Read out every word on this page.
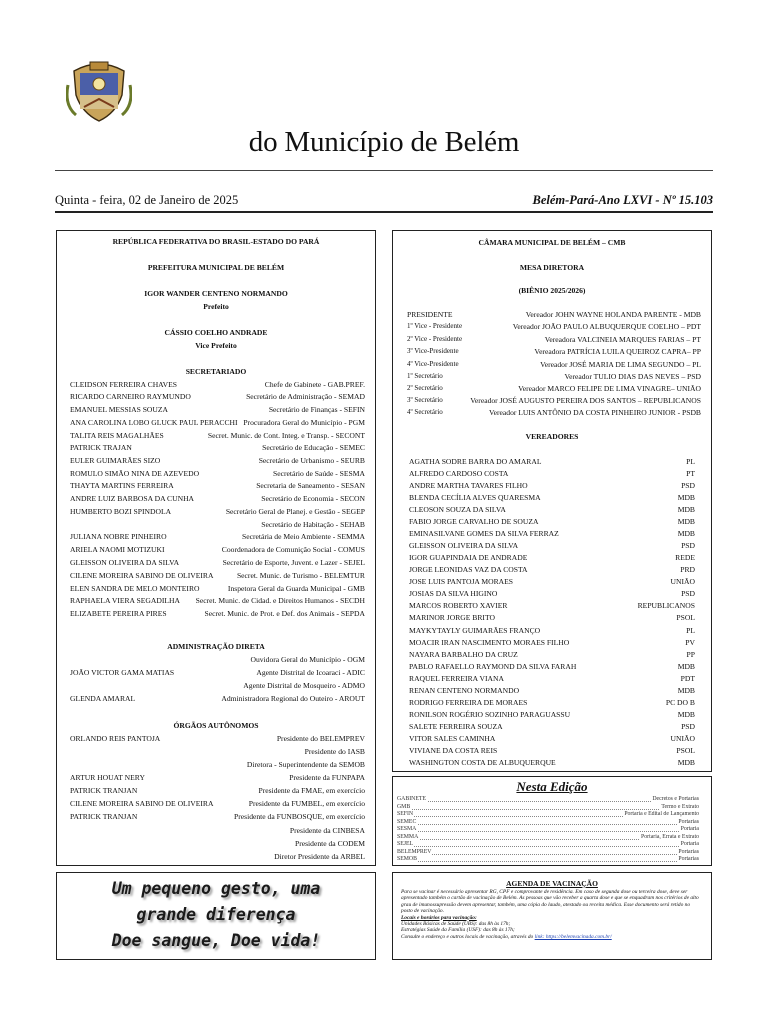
do Município de Belém
Quinta - feira, 02 de Janeiro de 2025	Belém-Pará-Ano LXVI - Nº 15.103
REPÚBLICA FEDERATIVA DO BRASIL-ESTADO DO PARÁ
PREFEITURA MUNICIPAL DE BELÉM
IGOR WANDER CENTENO NORMANDO
Prefeito
CÁSSIO COELHO ANDRADE
Vice Prefeito
SECRETARIADO
CLEIDSON FERREIRA CHAVES	Chefe de Gabinete - GAB.PREF.
RICARDO CARNEIRO RAYMUNDO	Secretário de Administração - SEMAD
EMANUEL MESSIAS SOUZA	Secretário de Finanças - SEFIN
ANA CAROLINA LOBO GLUCK PAUL PERACCHI Procuradora Geral do Município - PGM
TALITA REIS MAGALHÃES	Secret. Munic. de Cont. Integ. e Transp. - SECONT
PATRICK TRAJAN	Secretário de Educação - SEMEC
EULER GUIMARÃES SIZO	Secretário de Urbanismo - SEURB
ROMULO SIMÃO NINA DE AZEVEDO	Secretário de Saúde - SESMA
THAYTA MARTINS FERREIRA	Secretaria de Saneamento - SESAN
ANDRE LUIZ BARBOSA DA CUNHA	Secretário de Economia - SECON
HUMBERTO BOZI SPINDOLA	Secretário Geral de Planej. e Gestão - SEGEP
Secretário de Habitação - SEHAB
JULIANA NOBRE PINHEIRO	Secretária de Meio Ambiente - SEMMA
ARIELA NAOMI MOTIZUKI	Coordenadora de Comunição Social - COMUS
GLEISSON OLIVEIRA DA SILVA	Secretário de Esporte, Juvent. e Lazer - SEJEL
CILENE MOREIRA SABINO DE OLIVEIRA	Secret. Munic. de Turismo - BELEMTUR
ELEN SANDRA DE MELO MONTEIRO	Inspetora Geral da Guarda Municipal - GMB
RAPHAELA VIERA SEGADILHA Secret. Munic. de Cidad. e Direitos Humanos - SECDH
ELIZABETE PEREIRA PIRES	Secret. Munic. de Prot. e Def. dos Animais - SEPDA
ADMINISTRAÇÃO DIRETA
Ouvidora Geral do Município - OGM
JOÃO VICTOR GAMA MATIAS	Agente Distrital de Icoaraci - ADIC
Agente Distrital de Mosqueiro - ADMO
GLENDA AMARAL	Administradora Regional do Outeiro - AROUT
ÓRGÃOS AUTÔNOMOS
ORLANDO REIS PANTOJA	Presidente do BELEMPREV
Presidente do IASB
Diretora - Superintendente da SEMOB
ARTUR HOUAT NERY	Presidente da FUNPAPA
PATRICK TRANJAN	Presidente da FMAE, em exercício
CILENE MOREIRA SABINO DE OLIVEIRA	Presidente da FUMBEL, em exercício
PATRICK TRANJAN	Presidente da FUNBOSQUE, em exercício
Presidente da CINBESA
Presidente da CODEM
Diretor Presidente da ARBEL
CÂMARA MUNICIPAL DE BELÉM – CMB
MESA DIRETORA
(BIÊNIO 2025/2026)
PRESIDENTE	Vereador JOHN WAYNE HOLANDA PARENTE - MDB
1º Vice - Presidente	Vereador JOÃO PAULO ALBUQUERQUE COELHO – PDT
2º Vice - Presidente	Vereadora VALCINEIA MARQUES FARIAS – PT
3º Vice-Presidente	Vereadora PATRÍCIA LUILA QUEIROZ CAPRA– PP
4º Vice-Presidente	Vereador JOSÉ MARIA DE LIMA SEGUNDO – PL
1º Secretário	Vereador TULIO DIAS DAS NEVES – PSD
2º Secretário	Vereador MARCO FELIPE DE LIMA VINAGRE– UNIÃO
3º Secretário	Vereador JOSÉ AUGUSTO PEREIRA DOS SANTOS – REPUBLICANOS
4º Secretário	Vereador LUIS ANTÔNIO DA COSTA PINHEIRO JUNIOR - PSDB
VEREADORES
AGATHA SODRE BARRA DO AMARAL	PL
ALFREDO CARDOSO COSTA	PT
ANDRE MARTHA TAVARES FILHO	PSD
BLENDA CECÍLIA ALVES QUARESMA	MDB
CLEOSON SOUZA DA SILVA	MDB
FABIO JORGE CARVALHO DE SOUZA	MDB
EMINASILVANE GOMES DA SILVA FERRAZ	MDB
GLEISSON OLIVEIRA DA SILVA	PSD
IGOR GUAPINDAIA DE ANDRADE	REDE
JORGE LEONIDAS VAZ DA COSTA	PRD
JOSE LUIS PANTOJA MORAES	UNIÃO
JOSIAS DA SILVA HIGINO	PSD
MARCOS ROBERTO XAVIER	REPUBLICANOS
MARINOR JORGE BRITO	PSOL
MAYKYTAYLY GUIMARÃES FRANÇO	PL
MOACIR IRAN NASCIMENTO MORAES FILHO	PV
NAYARA BARBALHO DA CRUZ	PP
PABLO RAFAELLO RAYMOND DA SILVA FARAH	MDB
RAQUEL FERREIRA VIANA	PDT
RENAN CENTENO NORMANDO	MDB
RODRIGO FERREIRA DE MORAES	PC DO B
RONILSON ROGÉRIO SOZINHO PARAGUASSU	MDB
SALETE FERREIRA SOUZA	PSD
VITOR SALES CAMINHA	UNIÃO
VIVIANE DA COSTA REIS	PSOL
WASHINGTON COSTA DE ALBUQUERQUE	MDB
Nesta Edição
GABINETE	Decretos e Portarias
GMB	Termo e Extrato
SEFIN	Portaria e Edital de Lançamento
SEMEC	Portarias
SESMA	Portaria
SEMMA	Portaria, Errata e Extrato
SEJEL	Portaria
BELÉMPREV	Portarias
SEMOB	Portarias
Um pequeno gesto, uma
grande diferença
Doe sangue, Doe vida!
AGENDA DE VACINAÇÃO
Para se vacinar é necessário apresentar RG, CPF e comprovante de residência. Em caso de segunda dose ou terceira dose, deve ser apresentado também o cartão de vacinação de Belém. As pessoas que vão receber a quarta dose e que se enquadram nos critérios de alto grau de imunossupressão devem apresentar, também, uma cópia do laudo, atestado ou receita médica. Esse documento será retido no posto de vacinação.
Locais e horários para vacinação:
Unidades Básicas de Saúde (UBS): das 8h às 17h;
Estratégias Saúde da Família (USF): das 8h às 17h;
Consulte o endereço e outros locais de vacinação, através do link: https://belemvacinada.com.br/
